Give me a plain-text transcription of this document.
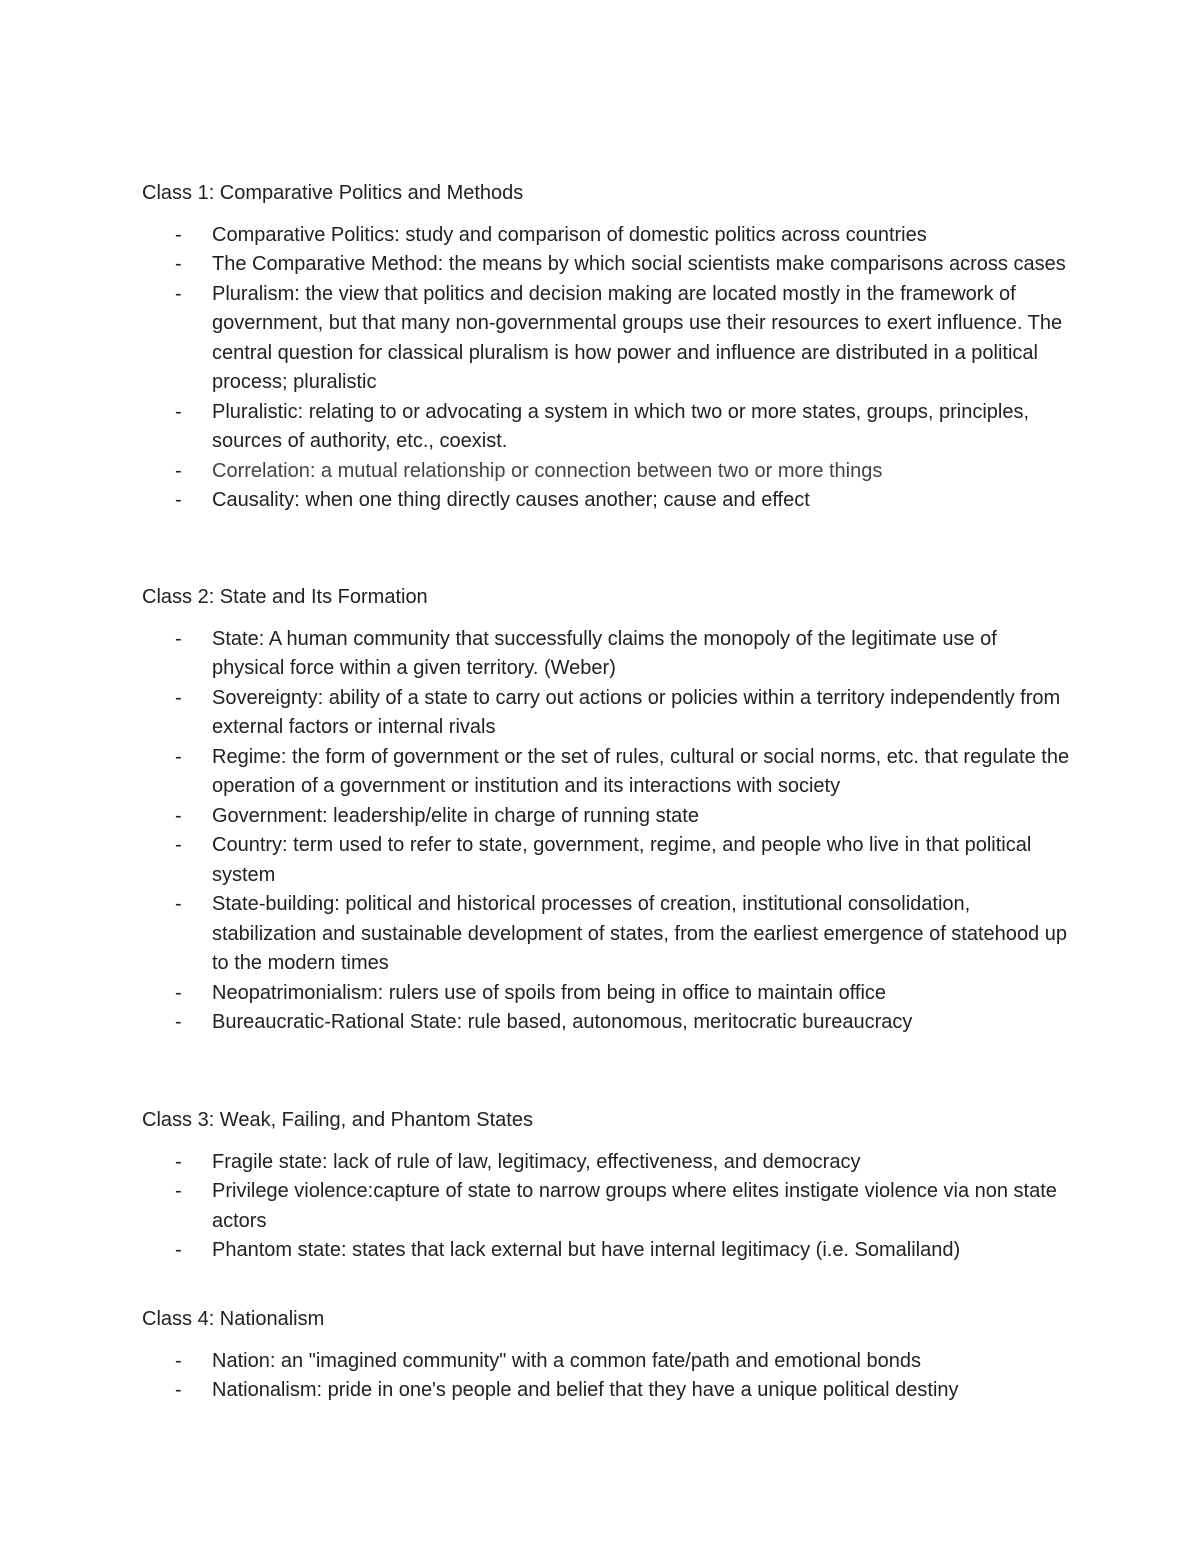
Class 1: Comparative Politics and Methods
- Comparative Politics: study and comparison of domestic politics across countries
- The Comparative Method: the means by which social scientists make comparisons across cases
- Pluralism: the view that politics and decision making are located mostly in the framework of government, but that many non-governmental groups use their resources to exert influence. The central question for classical pluralism is how power and influence are distributed in a political process; pluralistic
- Pluralistic: relating to or advocating a system in which two or more states, groups, principles, sources of authority, etc., coexist.
- Correlation: a mutual relationship or connection between two or more things
- Causality: when one thing directly causes another; cause and effect
Class 2: State and Its Formation
- State: A human community that successfully claims the monopoly of the legitimate use of physical force within a given territory. (Weber)
- Sovereignty: ability of a state to carry out actions or policies within a territory independently from external factors or internal rivals
- Regime: the form of government or the set of rules, cultural or social norms, etc. that regulate the operation of a government or institution and its interactions with society
- Government: leadership/elite in charge of running state
- Country: term used to refer to state, government, regime, and people who live in that political system
- State-building: political and historical processes of creation, institutional consolidation, stabilization and sustainable development of states, from the earliest emergence of statehood up to the modern times
- Neopatrimonialism: rulers use of spoils from being in office to maintain office
- Bureaucratic-Rational State: rule based, autonomous, meritocratic bureaucracy
Class 3: Weak, Failing, and Phantom States
- Fragile state: lack of rule of law, legitimacy, effectiveness, and democracy
- Privilege violence:capture of state to narrow groups where elites instigate violence via non state actors
- Phantom state: states that lack external but have internal legitimacy (i.e. Somaliland)
Class 4: Nationalism
- Nation: an "imagined community" with a common fate/path and emotional bonds
- Nationalism: pride in one's people and belief that they have a unique political destiny
